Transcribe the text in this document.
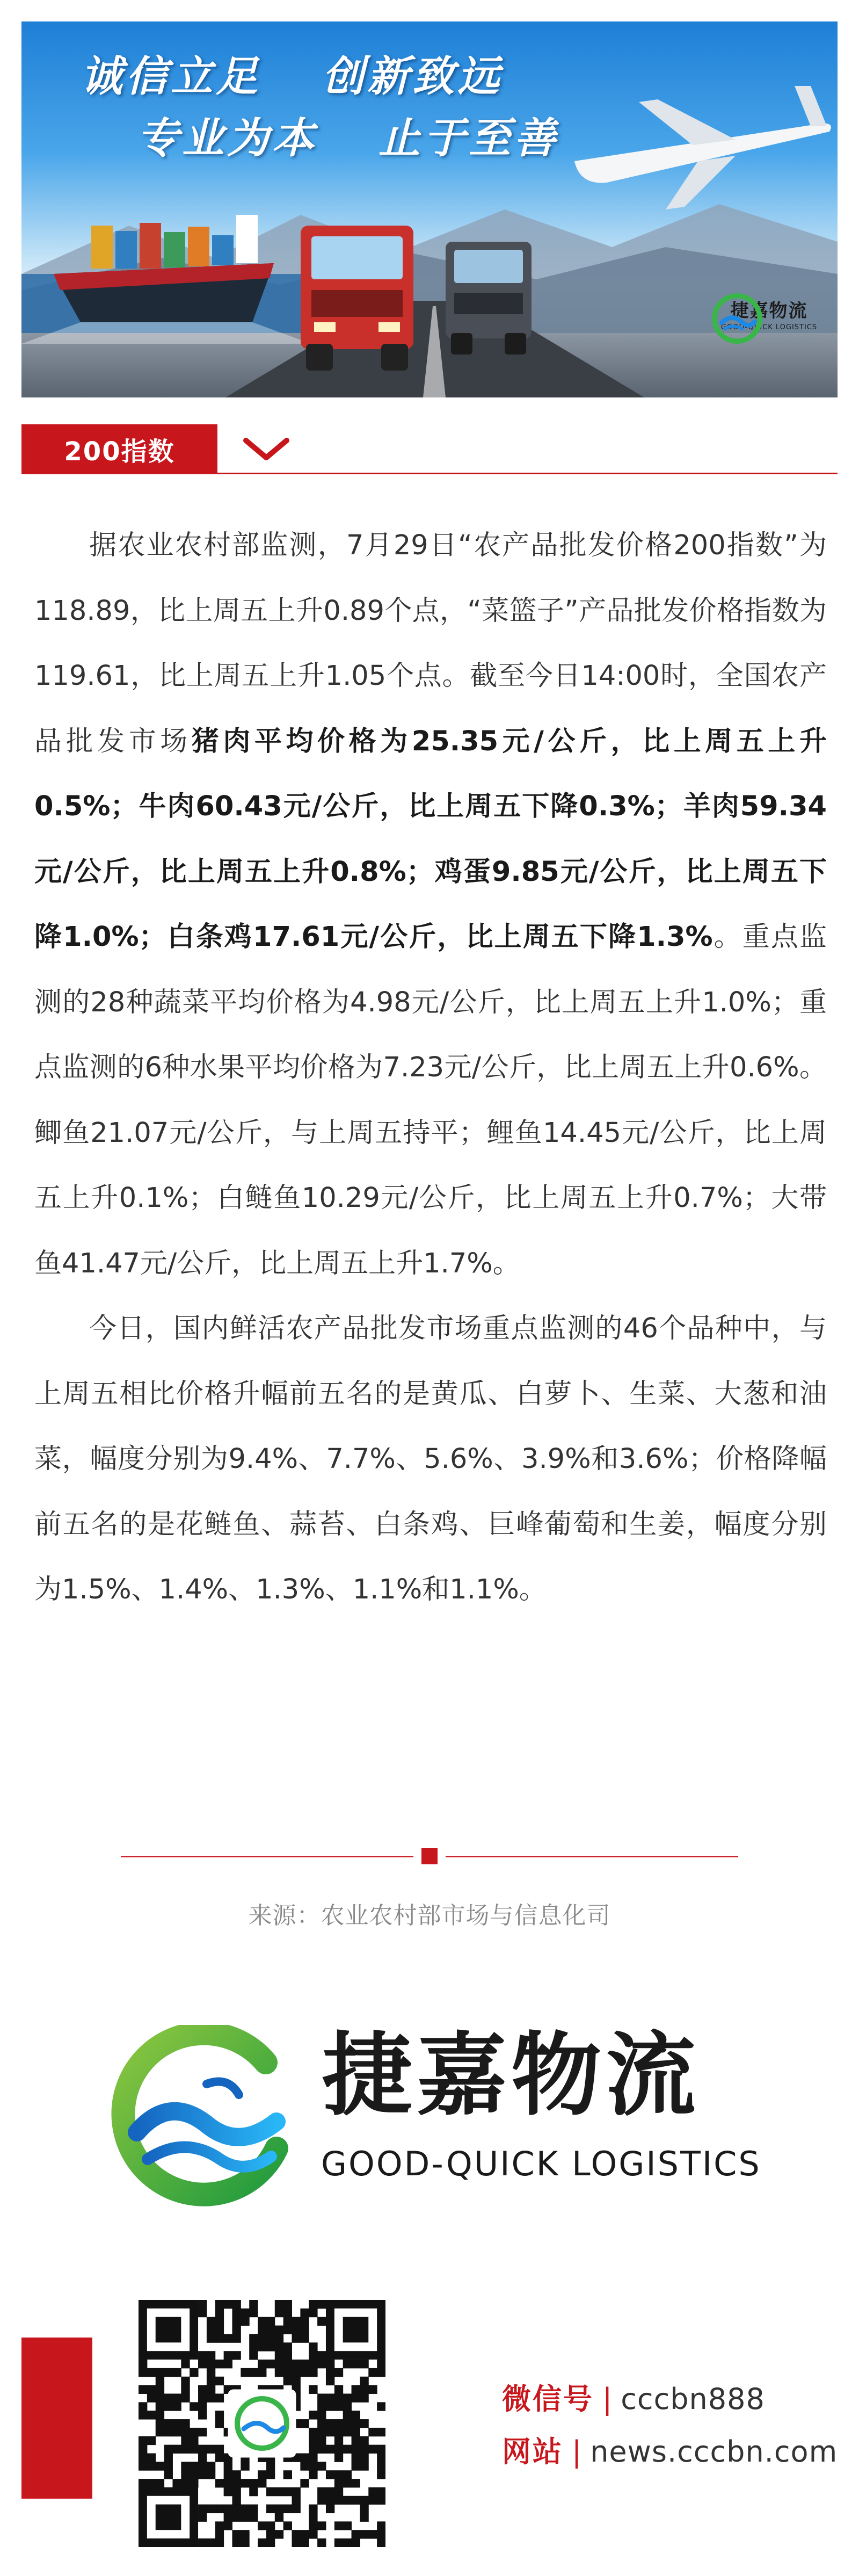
诚信立足 创新致远
专业为本 止于至善
捷嘉物流
GOOD-QUICK LOGISTICS
200指数

据农业农村部监测，7月29日“农产品批发价格200指数”为118.89，比上周五上升0.89个点，“菜篮子”产品批发价格指数为119.61，比上周五上升1.05个点。截至今日14:00时，全国农产品批发市场猪肉平均价格为25.35元/公斤，比上周五上升0.5%；牛肉60.43元/公斤，比上周五下降0.3%；羊肉59.34元/公斤，比上周五上升0.8%；鸡蛋9.85元/公斤，比上周五下降1.0%；白条鸡17.61元/公斤，比上周五下降1.3%。重点监测的28种蔬菜平均价格为4.98元/公斤，比上周五上升1.0%；重点监测的6种水果平均价格为7.23元/公斤，比上周五上升0.6%。鲫鱼21.07元/公斤，与上周五持平；鲤鱼14.45元/公斤，比上周五上升0.1%；白鲢鱼10.29元/公斤，比上周五上升0.7%；大带鱼41.47元/公斤，比上周五上升1.7%。

今日，国内鲜活农产品批发市场重点监测的46个品种中，与上周五相比价格升幅前五名的是黄瓜、白萝卜、生菜、大葱和油菜，幅度分别为9.4%、7.7%、5.6%、3.9%和3.6%；价格降幅前五名的是花鲢鱼、蒜苔、白条鸡、巨峰葡萄和生姜，幅度分别为1.5%、1.4%、1.3%、1.1%和1.1%。

来源：农业农村部市场与信息化司
捷嘉物流
GOOD-QUICK LOGISTICS
微信号 | cccbn888
网站 | news.cccbn.com
